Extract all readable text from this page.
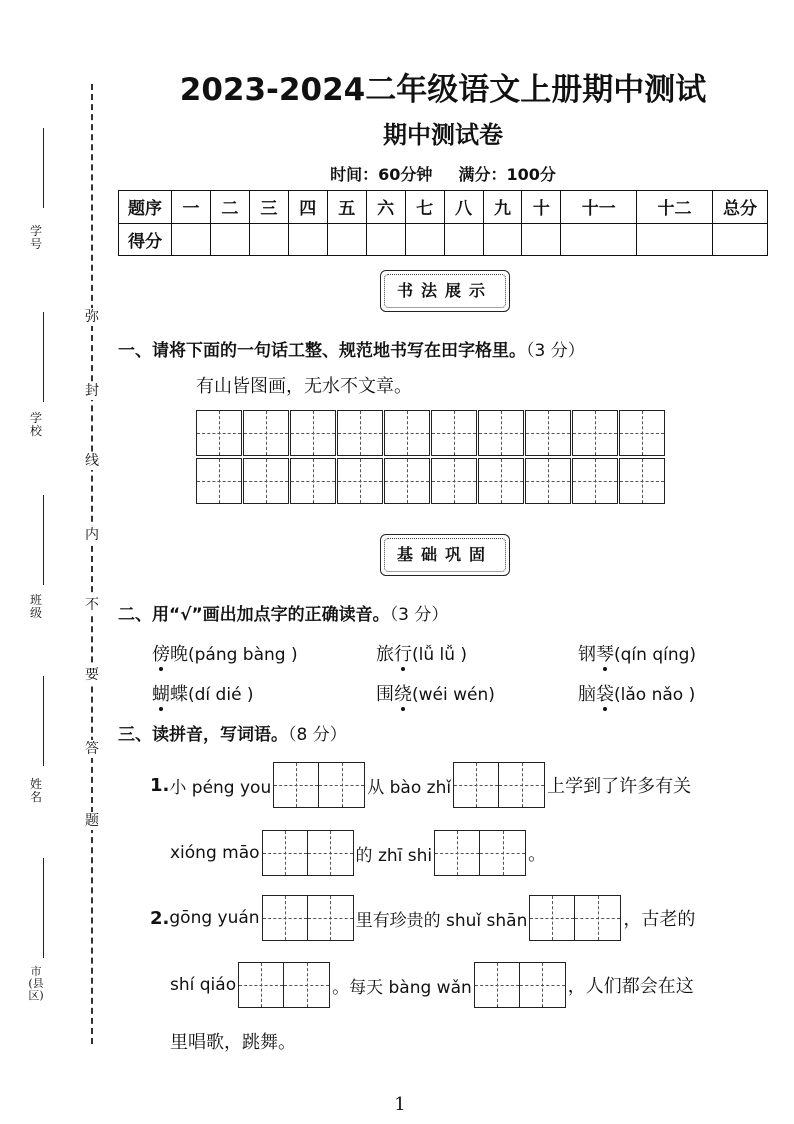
弥
封
线
内
不
要
答
题
学号
学校
班级
姓名
市(县区)
2023-2024二年级语文上册期中测试
期中测试卷
时间：60分钟 满分：100分
题序	一	二	三	四	五	六	七	八	九	十	十一	十二	总分
得分													
书法展示
一、请将下面的一句话工整、规范地书写在田字格里。（3 分）
有山皆图画，无水不文章。
基础巩固
二、用“√”画出加点字的正确读音。（3 分）
傍晚(páng bàng )	旅行(lǚ lǚ )	钢琴(qín qíng)
蝴蝶(dí dié )	围绕(wéi wén)	脑袋(lǎo nǎo )
三、读拼音，写词语。（8 分）
1. 小 péng you	从 bào zhǐ	上学到了许多有关
xióng māo	的 zhī shi	。
2. gōng yuán	里有珍贵的 shuǐ shān	，古老的
shí qiáo	。每天 bàng wǎn	，人们都会在这
里唱歌，跳舞。
1
